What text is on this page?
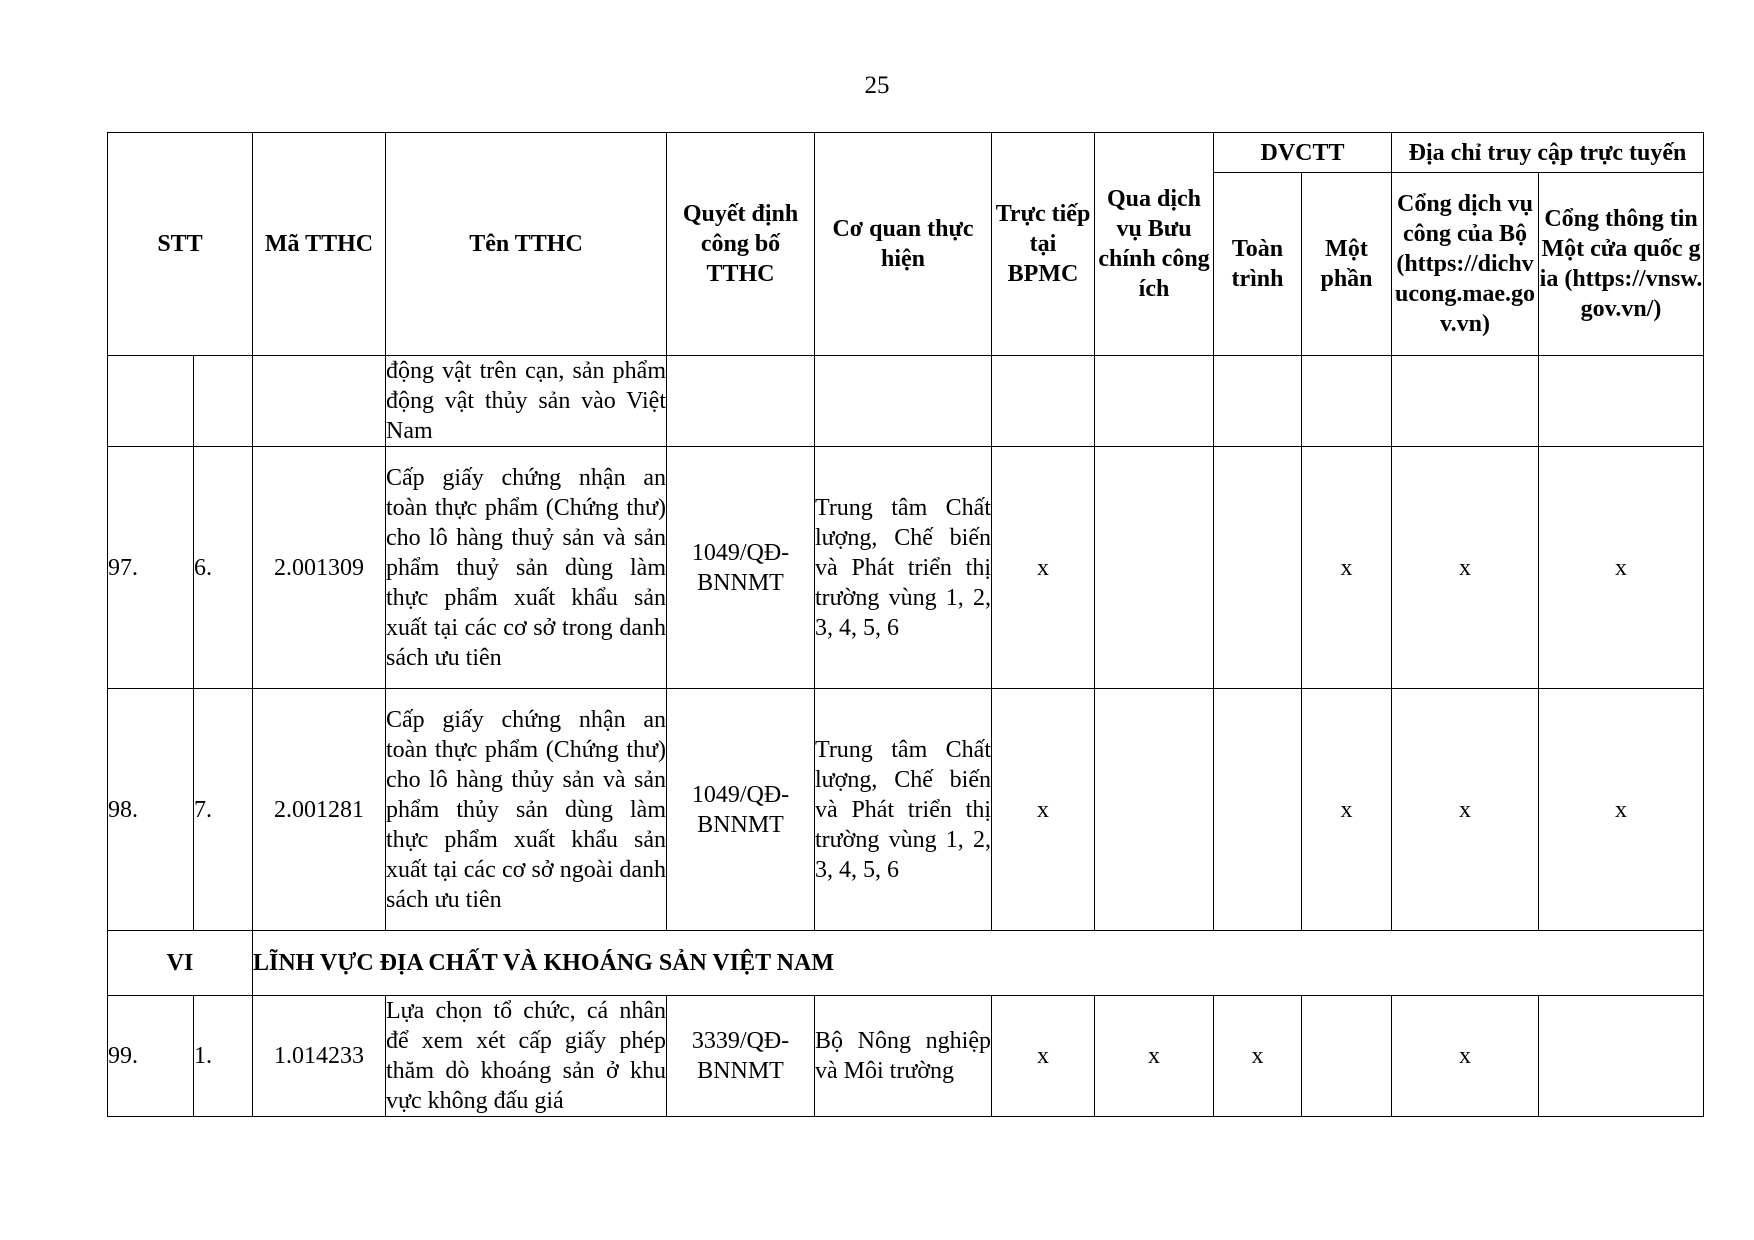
25
STT		Mã TTHC	Tên TTHC	Quyết định công bố TTHC	Cơ quan thực hiện	Trực tiếp tại BPMC	Qua dịch vụ Bưu chính công ích	DVCTT		Địa chỉ truy cập trực tuyến	
								Toàn trình	Một phần	Cổng dịch vụ công của Bộ (https://dichvucong.mae.gov.vn)	Cổng thông tin Một cửa quốc gia (https://vnsw.gov.vn/)
			động vật trên cạn, sản phẩm động vật thủy sản vào Việt Nam								
97.	6.	2.001309	Cấp giấy chứng nhận an toàn thực phẩm (Chứng thư) cho lô hàng thuỷ sản và sản phẩm thuỷ sản dùng làm thực phẩm xuất khẩu sản xuất tại các cơ sở trong danh sách ưu tiên	1049/QĐ-BNNMT	Trung tâm Chất lượng, Chế biến và Phát triển thị trường vùng 1, 2, 3, 4, 5, 6	x			x	x	x
98.	7.	2.001281	Cấp giấy chứng nhận an toàn thực phẩm (Chứng thư) cho lô hàng thủy sản và sản phẩm thủy sản dùng làm thực phẩm xuất khẩu sản xuất tại các cơ sở ngoài danh sách ưu tiên	1049/QĐ-BNNMT	Trung tâm Chất lượng, Chế biến và Phát triển thị trường vùng 1, 2, 3, 4, 5, 6	x			x	x	x
VI		LĨNH VỰC ĐỊA CHẤT VÀ KHOÁNG SẢN VIỆT NAM									
99.	1.	1.014233	Lựa chọn tổ chức, cá nhân để xem xét cấp giấy phép thăm dò khoáng sản ở khu vực không đấu giá	3339/QĐ-BNNMT	Bộ Nông nghiệp và Môi trường	x	x	x		x	
